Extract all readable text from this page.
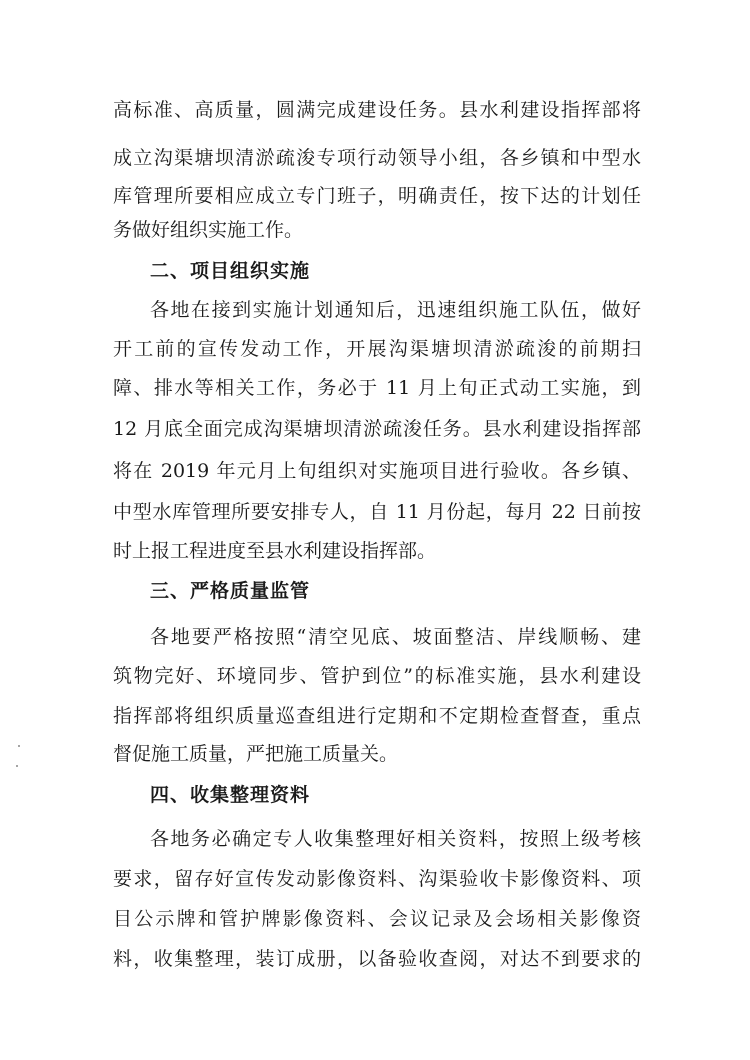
高标准、高质量，圆满完成建设任务。县水利建设指挥部将
成立沟渠塘坝清淤疏浚专项行动领导小组，各乡镇和中型水
库管理所要相应成立专门班子，明确责任，按下达的计划任
务做好组织实施工作。
二、项目组织实施
各地在接到实施计划通知后，迅速组织施工队伍，做好
开工前的宣传发动工作，开展沟渠塘坝清淤疏浚的前期扫
障、排水等相关工作，务必于 11 月上旬正式动工实施，到
12 月底全面完成沟渠塘坝清淤疏浚任务。县水利建设指挥部
将在 2019 年元月上旬组织对实施项目进行验收。各乡镇、
中型水库管理所要安排专人，自 11 月份起，每月 22 日前按
时上报工程进度至县水利建设指挥部。
三、严格质量监管
各地要严格按照“清空见底、坡面整洁、岸线顺畅、建
筑物完好、环境同步、管护到位”的标准实施，县水利建设
指挥部将组织质量巡查组进行定期和不定期检查督查，重点
督促施工质量，严把施工质量关。
四、收集整理资料
各地务必确定专人收集整理好相关资料，按照上级考核
要求，留存好宣传发动影像资料、沟渠验收卡影像资料、项
目公示牌和管护牌影像资料、会议记录及会场相关影像资
料，收集整理，装订成册，以备验收查阅，对达不到要求的
